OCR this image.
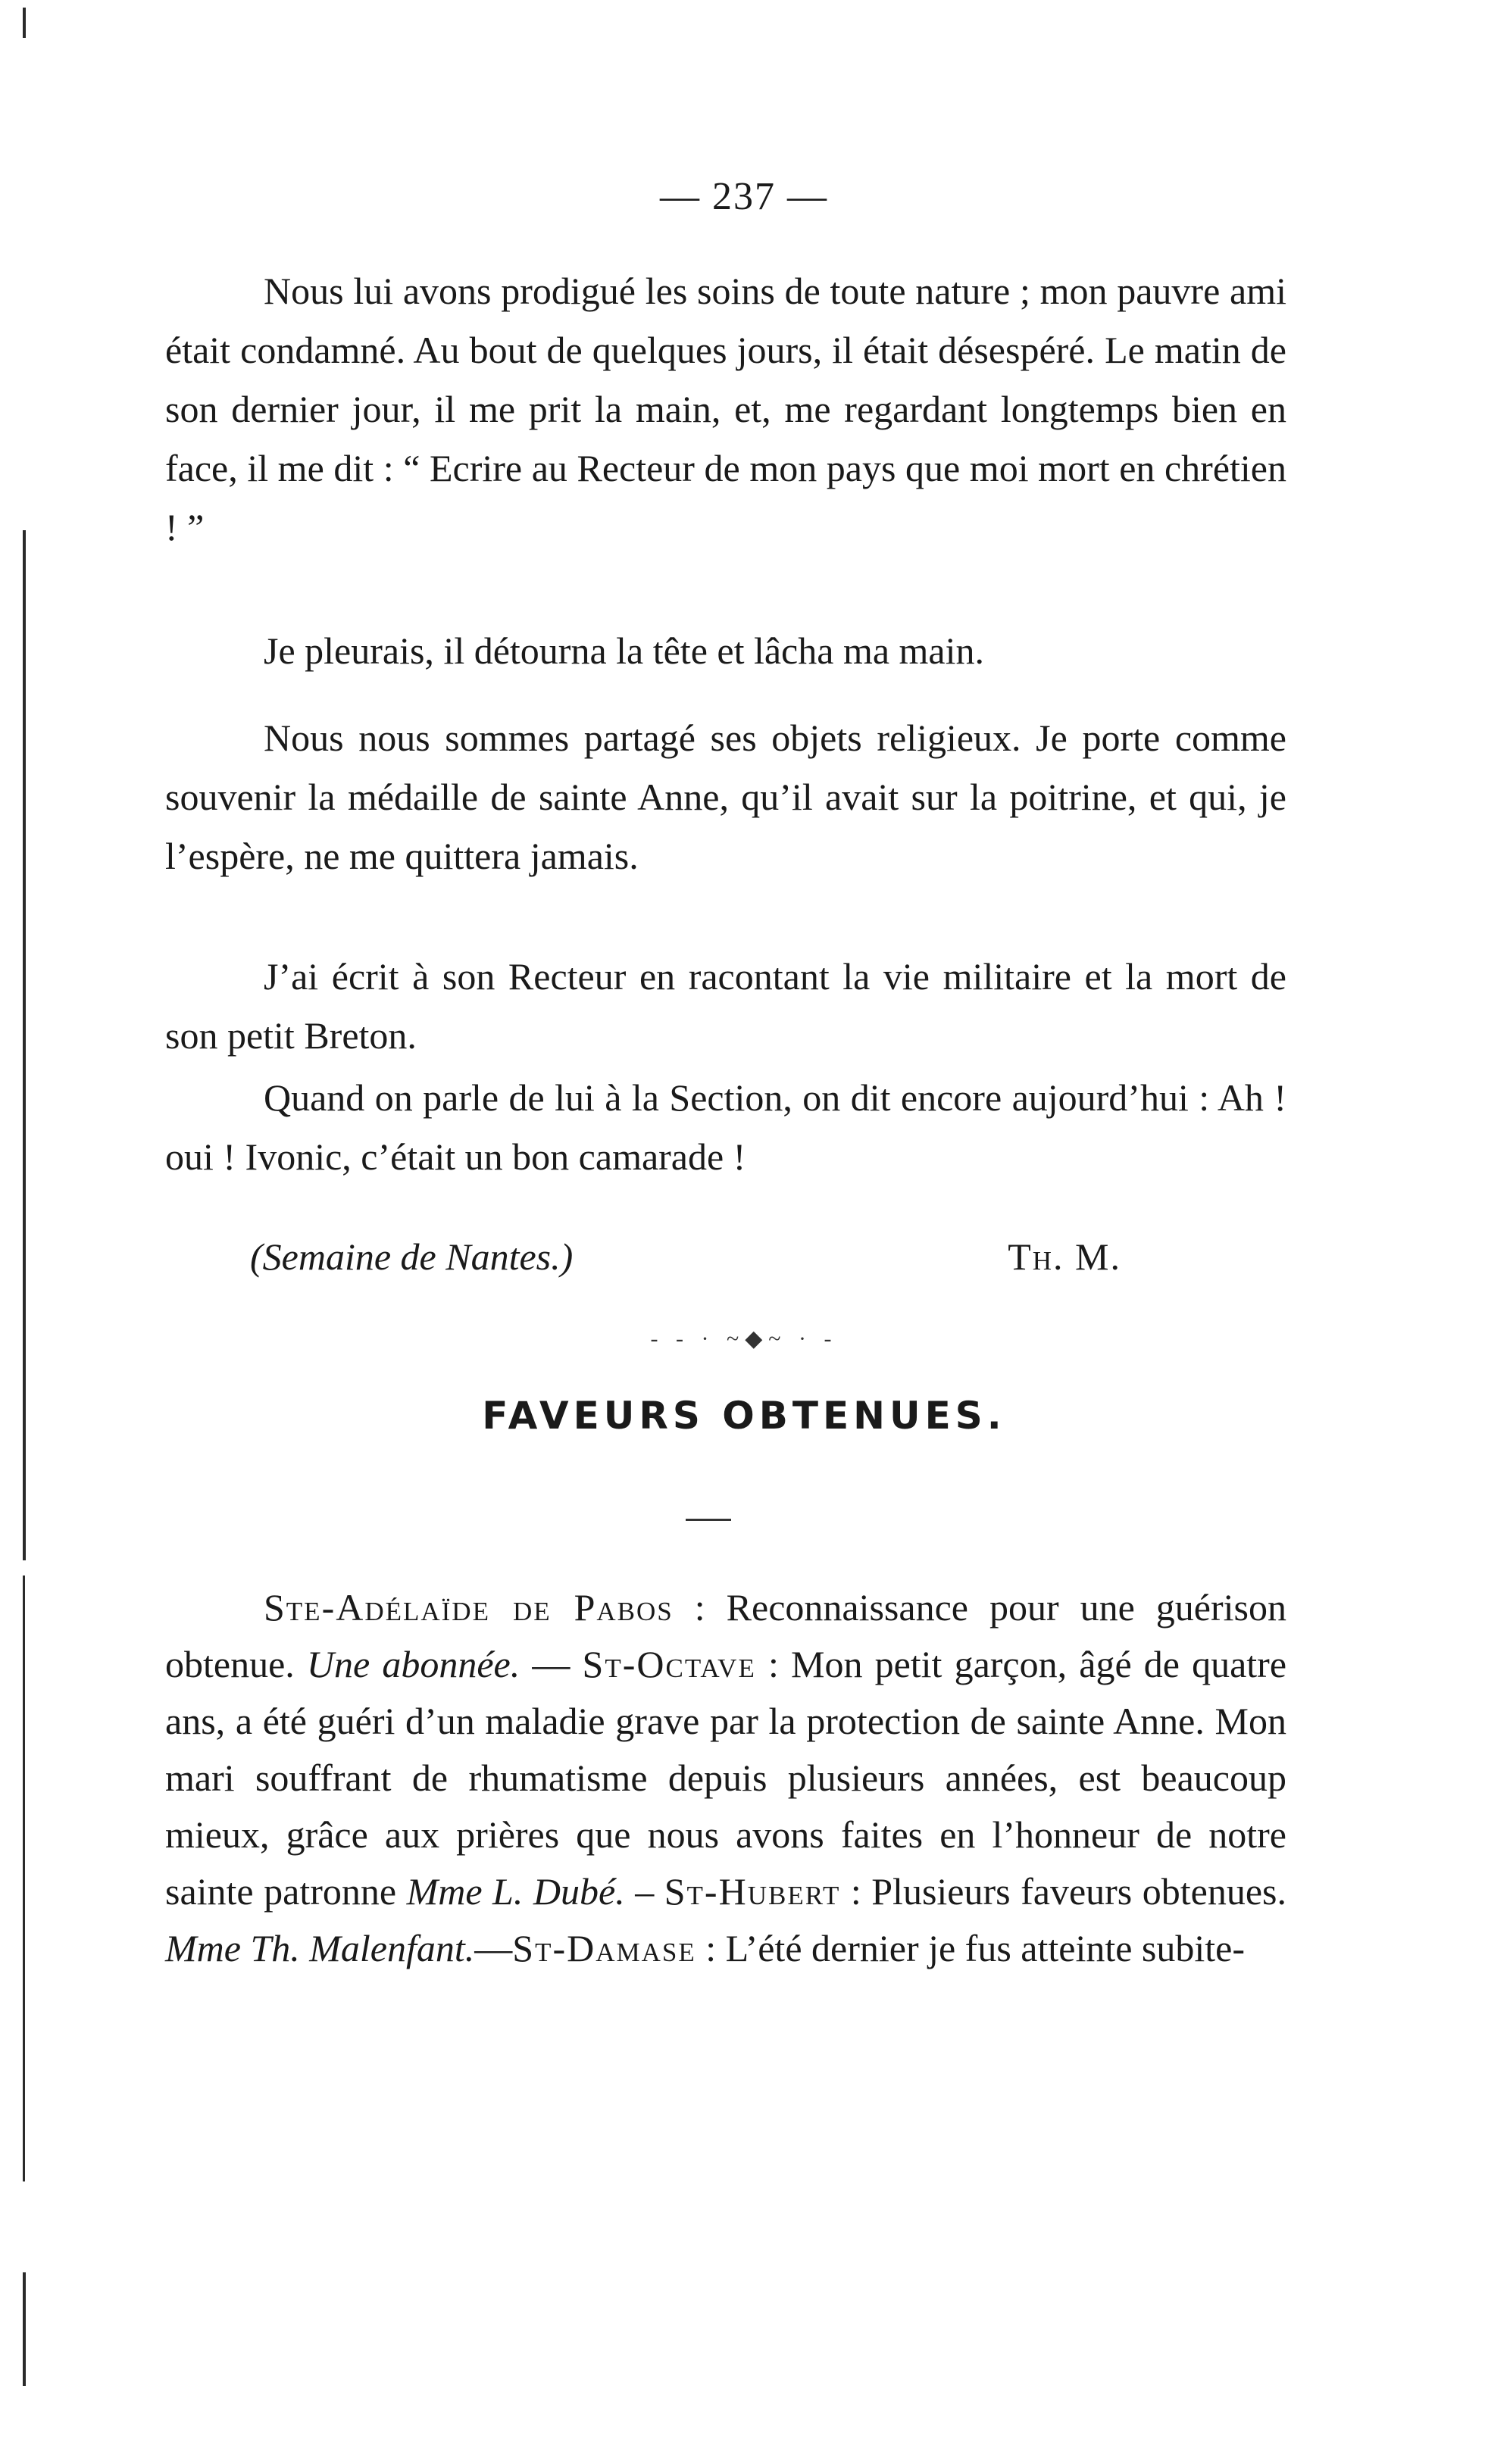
— 237 —

Nous lui avons prodigué les soins de toute nature ; mon pauvre ami était condamné. Au bout de quelques jours, il était désespéré. Le matin de son dernier jour, il me prit la main, et, me regardant longtemps bien en face, il me dit : “ Ecrire au Recteur de mon pays que moi mort en chrétien ! ”

Je pleurais, il détourna la tête et lâcha ma main.

Nous nous sommes partagé ses objets religieux. Je porte comme souvenir la médaille de sainte Anne, qu’il avait sur la poitrine, et qui, je l’espère, ne me quittera jamais.

J’ai écrit à son Recteur en racontant la vie militaire et la mort de son petit Breton.

Quand on parle de lui à la Section, on dit encore aujourd’hui : Ah ! oui ! Ivonic, c’était un bon camarade !

(Semaine de Nantes.)	Th. M.
- - · ~◆~ · -
FAVEURS OBTENUES.

Ste-Adélaïde de Pabos : Reconnaissance pour une guérison obtenue. Une abonnée. — St-Octave : Mon petit garçon, âgé de quatre ans, a été guéri d’un maladie grave par la protection de sainte Anne. Mon mari souffrant de rhumatisme depuis plusieurs années, est beaucoup mieux, grâce aux prières que nous avons faites en l’honneur de notre sainte patronne Mme L. Dubé. – St-Hubert : Plusieurs faveurs obtenues. Mme Th. Malenfant.—St-Damase : L’été dernier je fus atteinte subite-
